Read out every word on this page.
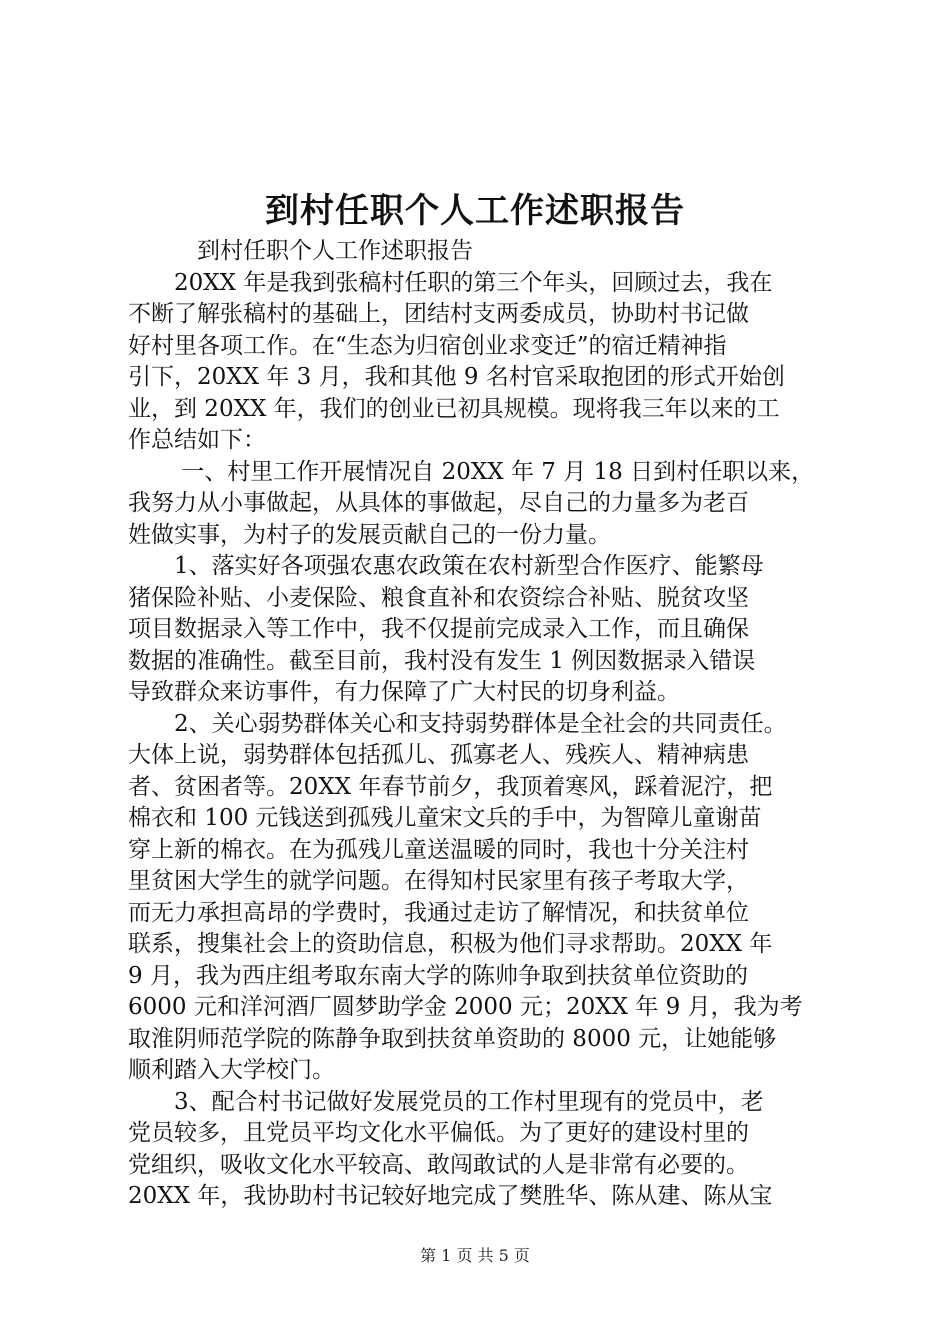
到村任职个人工作述职报告
　　　到村任职个人工作述职报告
　　20XX 年是我到张稿村任职的第三个年头，回顾过去，我在
不断了解张稿村的基础上，团结村支两委成员，协助村书记做
好村里各项工作。在“生态为归宿创业求变迁”的宿迁精神指
引下，20XX 年 3 月，我和其他 9 名村官采取抱团的形式开始创
业，到 20XX 年，我们的创业已初具规模。现将我三年以来的工
作总结如下：
　　 一、村里工作开展情况自 20XX 年 7 月 18 日到村任职以来，
我努力从小事做起，从具体的事做起，尽自己的力量多为老百
姓做实事，为村子的发展贡献自己的一份力量。
　　1、落实好各项强农惠农政策在农村新型合作医疗、能繁母
猪保险补贴、小麦保险、粮食直补和农资综合补贴、脱贫攻坚
项目数据录入等工作中，我不仅提前完成录入工作，而且确保
数据的准确性。截至目前，我村没有发生 1 例因数据录入错误
导致群众来访事件，有力保障了广大村民的切身利益。
　　2、关心弱势群体关心和支持弱势群体是全社会的共同责任。
大体上说，弱势群体包括孤儿、孤寡老人、残疾人、精神病患
者、贫困者等。20XX 年春节前夕，我顶着寒风，踩着泥泞，把
棉衣和 100 元钱送到孤残儿童宋文兵的手中，为智障儿童谢苗
穿上新的棉衣。在为孤残儿童送温暖的同时，我也十分关注村
里贫困大学生的就学问题。在得知村民家里有孩子考取大学，
而无力承担高昂的学费时，我通过走访了解情况，和扶贫单位
联系，搜集社会上的资助信息，积极为他们寻求帮助。20XX 年
9 月，我为西庄组考取东南大学的陈帅争取到扶贫单位资助的
6000 元和洋河酒厂圆梦助学金 2000 元；20XX 年 9 月，我为考
取淮阴师范学院的陈静争取到扶贫单资助的 8000 元，让她能够
顺利踏入大学校门。
　　3、配合村书记做好发展党员的工作村里现有的党员中，老
党员较多，且党员平均文化水平偏低。为了更好的建设村里的
党组织，吸收文化水平较高、敢闯敢试的人是非常有必要的。
20XX 年，我协助村书记较好地完成了樊胜华、陈从建、陈从宝
第 1 页 共 5 页
